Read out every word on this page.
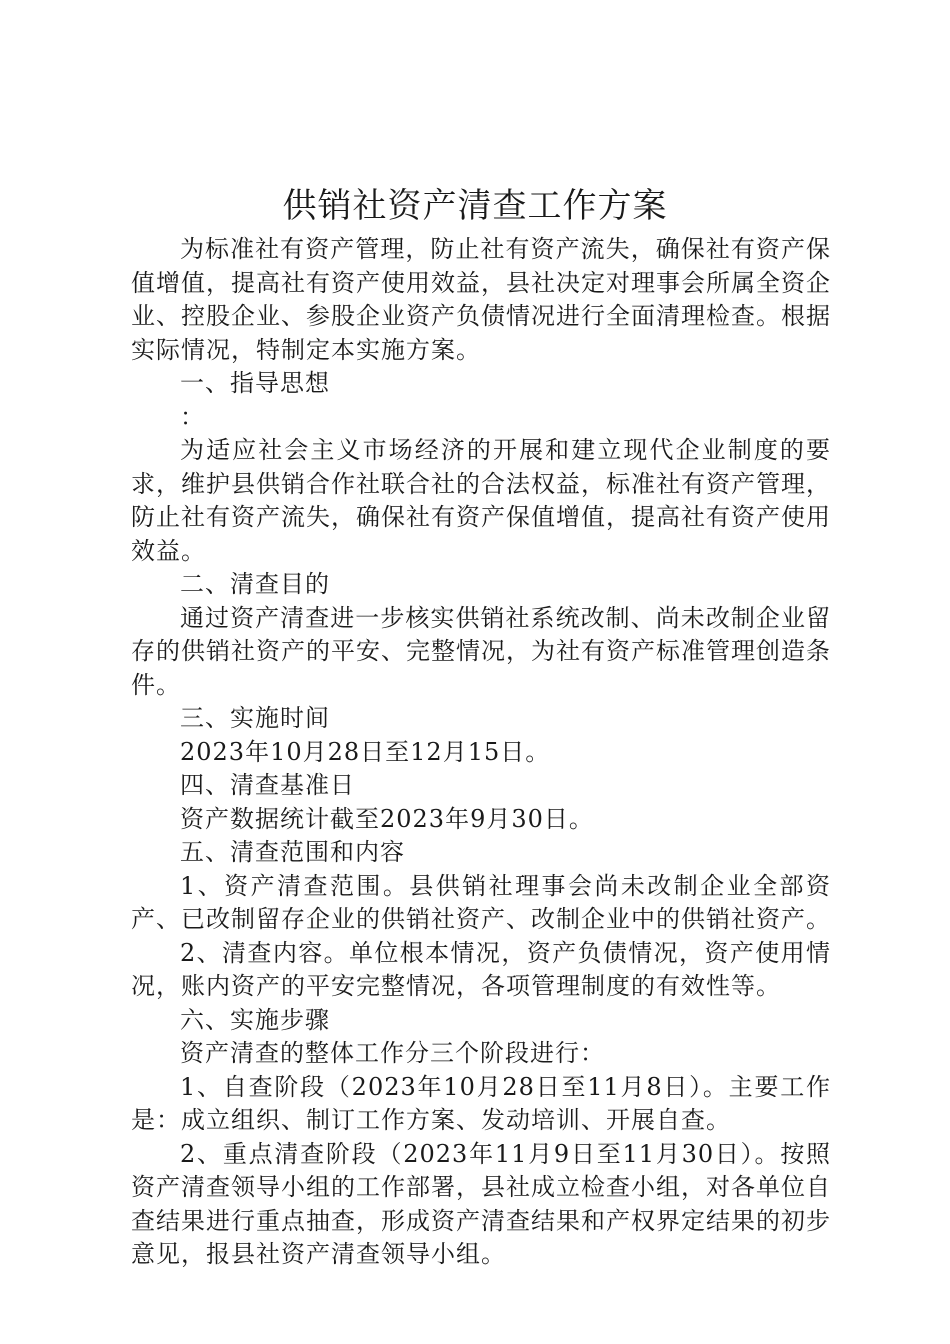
供销社资产清查工作方案

为标准社有资产管理，防止社有资产流失，确保社有资产保值增值，提高社有资产使用效益，县社决定对理事会所属全资企业、控股企业、参股企业资产负债情况进行全面清理检查。根据实际情况，特制定本实施方案。

一、指导思想

：

为适应社会主义市场经济的开展和建立现代企业制度的要求，维护县供销合作社联合社的合法权益，标准社有资产管理，防止社有资产流失，确保社有资产保值增值，提高社有资产使用效益。

二、清查目的

通过资产清查进一步核实供销社系统改制、尚未改制企业留存的供销社资产的平安、完整情况，为社有资产标准管理创造条件。

三、实施时间

2023年10月28日至12月15日。

四、清查基准日

资产数据统计截至2023年9月30日。

五、清查范围和内容

1、资产清查范围。县供销社理事会尚未改制企业全部资产、已改制留存企业的供销社资产、改制企业中的供销社资产。

2、清查内容。单位根本情况，资产负债情况，资产使用情况，账内资产的平安完整情况，各项管理制度的有效性等。

六、实施步骤

资产清查的整体工作分三个阶段进行：

1、自查阶段（2023年10月28日至11月8日）。主要工作是：成立组织、制订工作方案、发动培训、开展自查。

2、重点清查阶段（2023年11月9日至11月30日）。按照资产清查领导小组的工作部署，县社成立检查小组，对各单位自查结果进行重点抽查，形成资产清查结果和产权界定结果的初步意见，报县社资产清查领导小组。
